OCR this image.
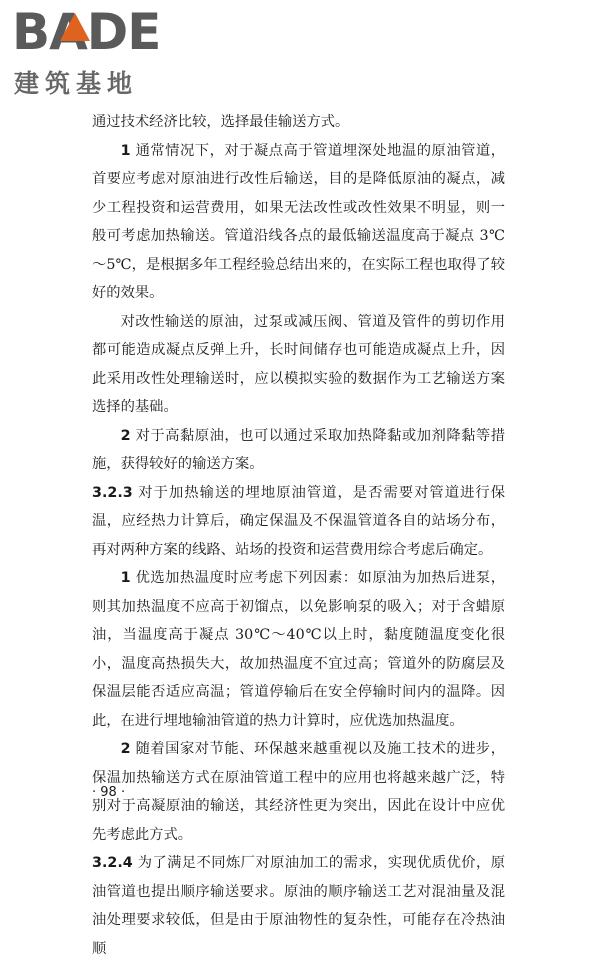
BADE
建筑基地

通过技术经济比较，选择最佳输送方式。

1 通常情况下，对于凝点高于管道埋深处地温的原油管道，首要应考虑对原油进行改性后输送，目的是降低原油的凝点，减少工程投资和运营费用，如果无法改性或改性效果不明显，则一般可考虑加热输送。管道沿线各点的最低输送温度高于凝点 3℃～5℃，是根据多年工程经验总结出来的，在实际工程也取得了较好的效果。

对改性输送的原油，过泵或减压阀、管道及管件的剪切作用都可能造成凝点反弹上升，长时间储存也可能造成凝点上升，因此采用改性处理输送时，应以模拟实验的数据作为工艺输送方案选择的基础。

2 对于高黏原油，也可以通过采取加热降黏或加剂降黏等措施，获得较好的输送方案。

3.2.3 对于加热输送的埋地原油管道，是否需要对管道进行保温，应经热力计算后，确定保温及不保温管道各自的站场分布，再对两种方案的线路、站场的投资和运营费用综合考虑后确定。

1 优选加热温度时应考虑下列因素：如原油为加热后进泵，则其加热温度不应高于初馏点，以免影响泵的吸入；对于含蜡原油，当温度高于凝点 30℃～40℃以上时，黏度随温度变化很小，温度高热损失大，故加热温度不宜过高；管道外的防腐层及保温层能否适应高温；管道停输后在安全停输时间内的温降。因此，在进行埋地输油管道的热力计算时，应优选加热温度。

2 随着国家对节能、环保越来越重视以及施工技术的进步，保温加热输送方式在原油管道工程中的应用也将越来越广泛，特别对于高凝原油的输送，其经济性更为突出，因此在设计中应优先考虑此方式。

3.2.4 为了满足不同炼厂对原油加工的需求，实现优质优价，原油管道也提出顺序输送要求。原油的顺序输送工艺对混油量及混油处理要求较低，但是由于原油物性的复杂性，可能存在冷热油顺

· 98 ·
